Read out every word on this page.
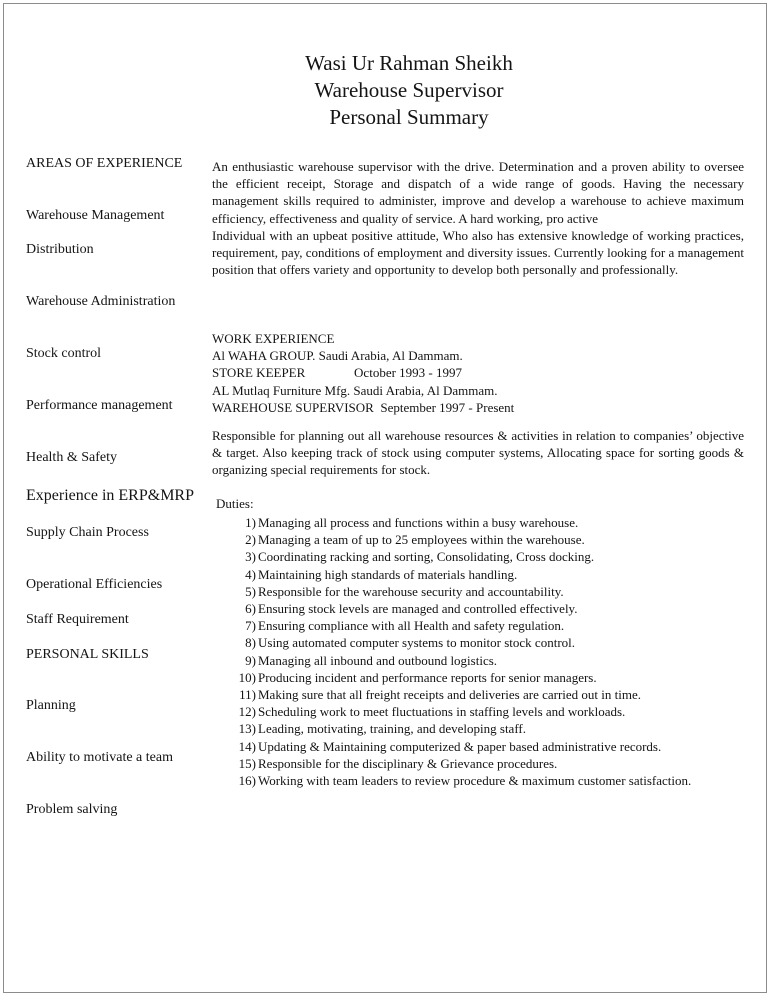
Wasi Ur Rahman Sheikh
Warehouse Supervisor
Personal Summary
AREAS OF EXPERIENCE
Warehouse Management
Distribution
Warehouse Administration
Stock control
Performance management
Health & Safety
Experience in ERP&MRP
Supply Chain Process
Operational Efficiencies
Staff Requirement
PERSONAL SKILLS
Planning
Ability to motivate a team
Problem salving
An enthusiastic warehouse supervisor with the drive. Determination and a proven ability to oversee the efficient receipt, Storage and dispatch of a wide range of goods. Having the necessary management skills required to administer, improve and develop a warehouse to achieve maximum efficiency, effectiveness and quality of service. A hard working, pro active
Individual with an upbeat positive attitude, Who also has extensive knowledge of working practices, requirement, pay, conditions of employment and diversity issues. Currently looking for a management position that offers variety and opportunity to develop both personally and professionally.
WORK EXPERIENCE
Al WAHA GROUP. Saudi Arabia, Al Dammam.
STORE KEEPER               October 1993 - 1997
AL Mutlaq Furniture Mfg. Saudi Arabia, Al Dammam.
WAREHOUSE SUPERVISOR  September 1997 - Present
Responsible for planning out all warehouse resources & activities in relation to companies’ objective & target. Also keeping track of stock using computer systems, Allocating space for sorting goods & organizing special requirements for stock.
Duties:
1) Managing all process and functions within a busy warehouse.
2) Managing a team of up to 25 employees within the warehouse.
3) Coordinating racking and sorting, Consolidating, Cross docking.
4) Maintaining high standards of materials handling.
5) Responsible for the warehouse security and accountability.
6) Ensuring stock levels are managed and controlled effectively.
7) Ensuring compliance with all Health and safety regulation.
8) Using automated computer systems to monitor stock control.
9) Managing all inbound and outbound logistics.
10) Producing incident and performance reports for senior managers.
11) Making sure that all freight receipts and deliveries are carried out in time.
12) Scheduling work to meet fluctuations in staffing levels and workloads.
13) Leading, motivating, training, and developing staff.
14) Updating & Maintaining computerized & paper based administrative records.
15) Responsible for the disciplinary & Grievance procedures.
16) Working with team leaders to review procedure & maximum customer satisfaction.
